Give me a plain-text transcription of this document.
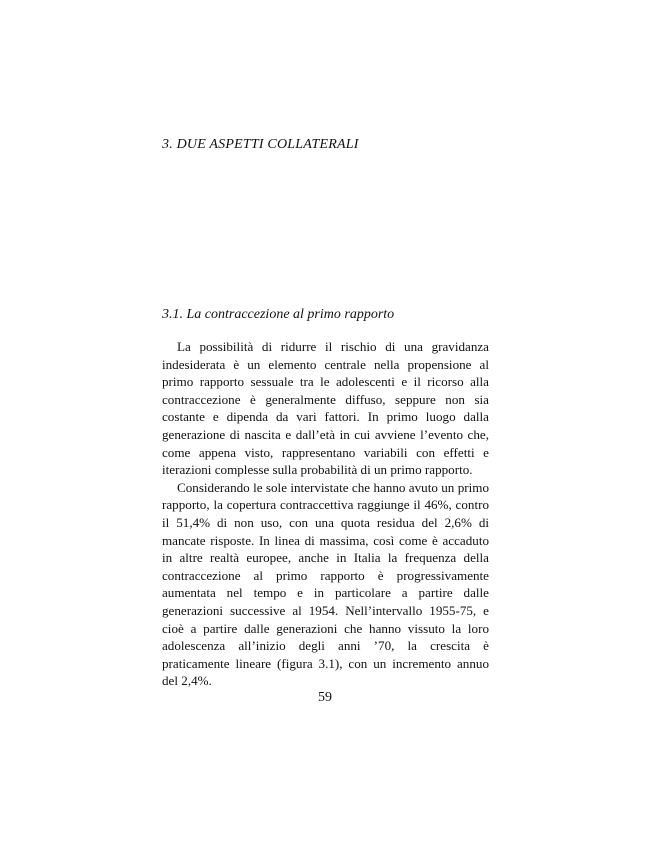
3. DUE ASPETTI COLLATERALI
3.1. La contraccezione al primo rapporto

La possibilità di ridurre il rischio di una gravidanza indesiderata è un elemento centrale nella propensione al primo rapporto sessuale tra le adolescenti e il ricorso alla contraccezione è generalmente diffuso, seppure non sia costante e dipenda da vari fattori. In primo luogo dalla generazione di nascita e dall’età in cui avviene l’evento che, come appena visto, rappresentano variabili con effetti e iterazioni complesse sulla probabilità di un primo rapporto.

Considerando le sole intervistate che hanno avuto un primo rapporto, la copertura contraccettiva raggiunge il 46%, contro il 51,4% di non uso, con una quota residua del 2,6% di mancate risposte. In linea di massima, così come è accaduto in altre realtà europee, anche in Italia la frequenza della contraccezione al primo rapporto è progressivamente aumentata nel tempo e in particolare a partire dalle generazioni successive al 1954. Nell’intervallo 1955-75, e cioè a partire dalle generazioni che hanno vissuto la loro adolescenza all’inizio degli anni ’70, la crescita è praticamente lineare (figura 3.1), con un incremento annuo del 2,4%.

59
